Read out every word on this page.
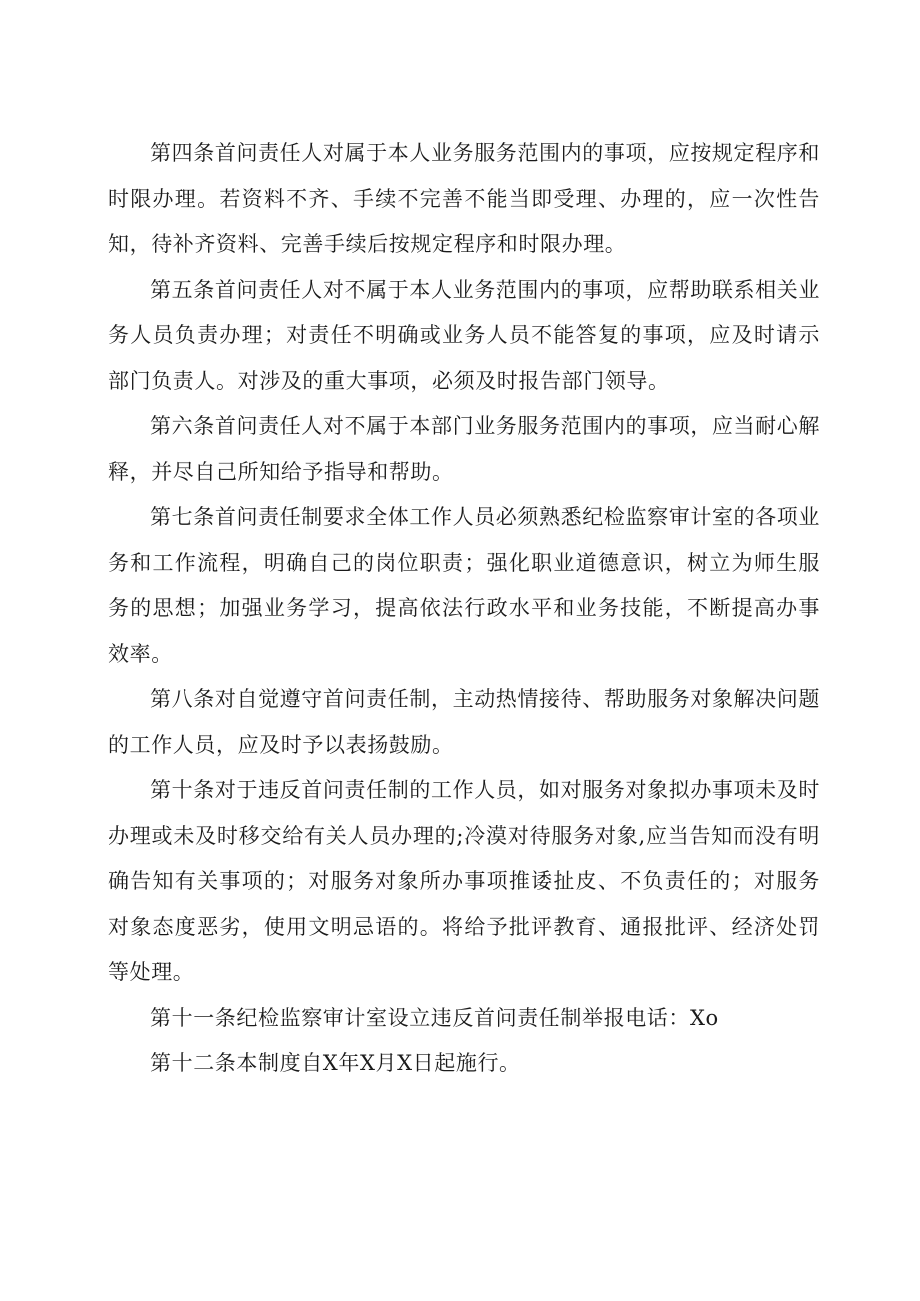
第四条首问责任人对属于本人业务服务范围内的事项，应按规定程序和时限办理。若资料不齐、手续不完善不能当即受理、办理的，应一次性告知，待补齐资料、完善手续后按规定程序和时限办理。

第五条首问责任人对不属于本人业务范围内的事项，应帮助联系相关业务人员负责办理；对责任不明确或业务人员不能答复的事项，应及时请示部门负责人。对涉及的重大事项，必须及时报告部门领导。

第六条首问责任人对不属于本部门业务服务范围内的事项，应当耐心解释，并尽自己所知给予指导和帮助。

第七条首问责任制要求全体工作人员必须熟悉纪检监察审计室的各项业务和工作流程，明确自己的岗位职责；强化职业道德意识，树立为师生服务的思想；加强业务学习，提高依法行政水平和业务技能，不断提高办事效率。

第八条对自觉遵守首问责任制，主动热情接待、帮助服务对象解决问题的工作人员，应及时予以表扬鼓励。

第十条对于违反首问责任制的工作人员，如对服务对象拟办事项未及时办理或未及时移交给有关人员办理的;冷漠对待服务对象,应当告知而没有明确告知有关事项的；对服务对象所办事项推诿扯皮、不负责任的；对服务对象态度恶劣，使用文明忌语的。将给予批评教育、通报批评、经济处罚等处理。

第十一条纪检监察审计室设立违反首问责任制举报电话：Xo

第十二条本制度自X年X月X日起施行。
